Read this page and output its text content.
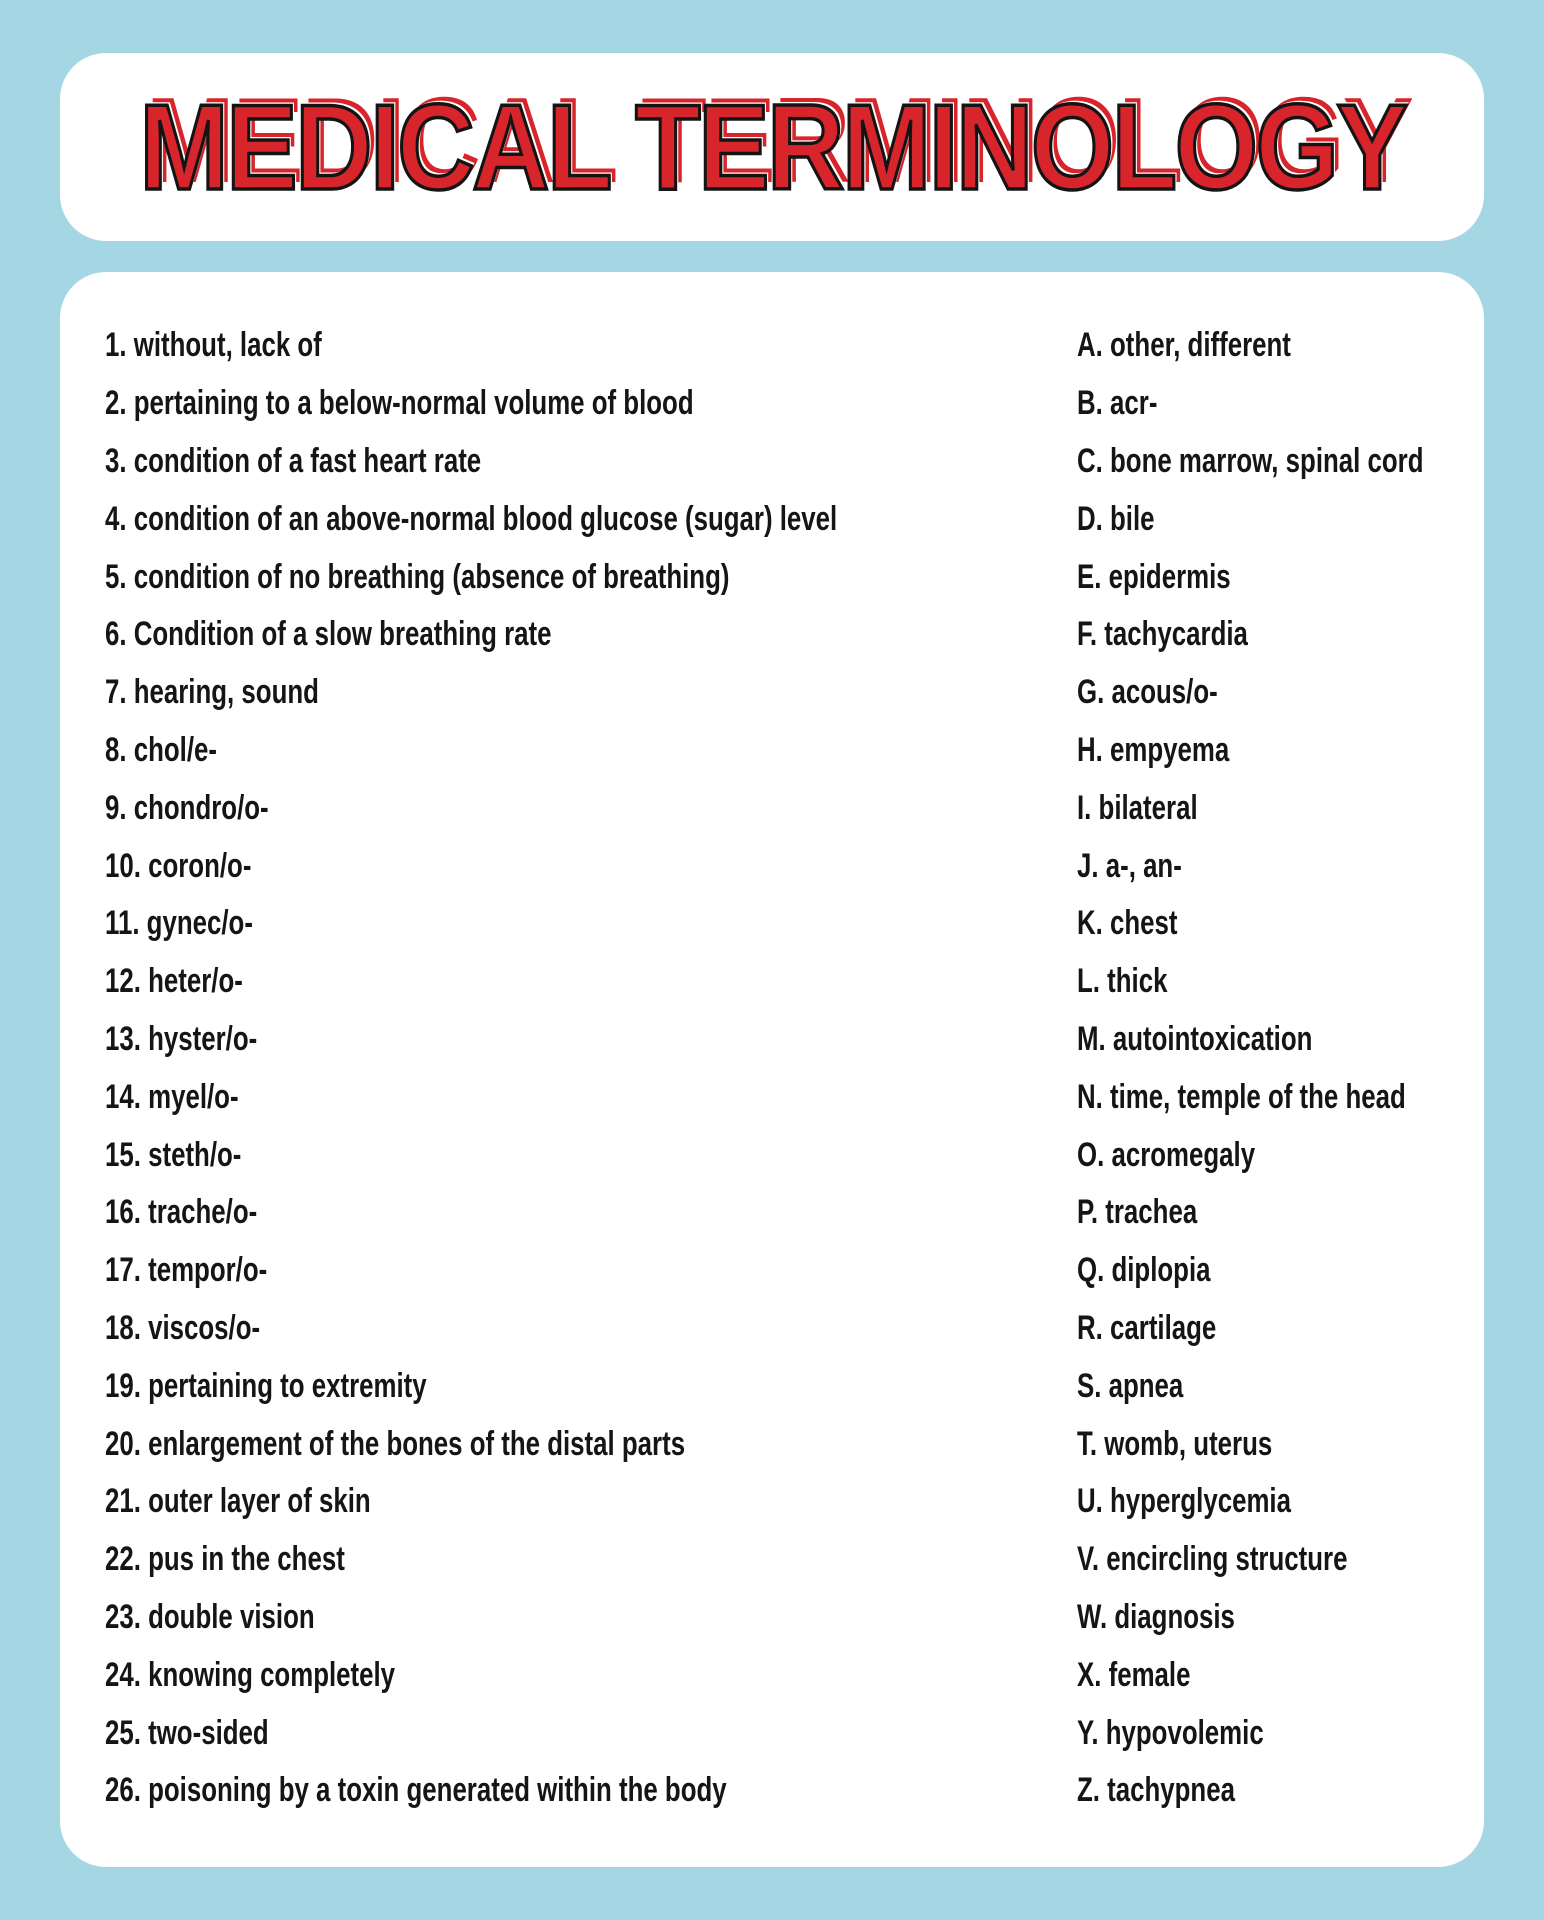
MEDICAL TERMINOLOGY
1. without, lack of
2. pertaining to a below-normal volume of blood
3. condition of a fast heart rate
4. condition of an above-normal blood glucose (sugar) level
5. condition of no breathing (absence of breathing)
6. Condition of a slow breathing rate
7. hearing, sound
8. chol/e-
9. chondro/o-
10. coron/o-
11. gynec/o-
12. heter/o-
13. hyster/o-
14. myel/o-
15. steth/o-
16. trache/o-
17. tempor/o-
18. viscos/o-
19. pertaining to extremity
20. enlargement of the bones of the distal parts
21. outer layer of skin
22. pus in the chest
23. double vision
24. knowing completely
25. two-sided
26. poisoning by a toxin generated within the body
A. other, different
B. acr-
C. bone marrow, spinal cord
D. bile
E. epidermis
F. tachycardia
G. acous/o-
H. empyema
I. bilateral
J. a-, an-
K. chest
L. thick
M. autointoxication
N. time, temple of the head
O. acromegaly
P. trachea
Q. diplopia
R. cartilage
S. apnea
T. womb, uterus
U. hyperglycemia
V. encircling structure
W. diagnosis
X. female
Y. hypovolemic
Z. tachypnea
